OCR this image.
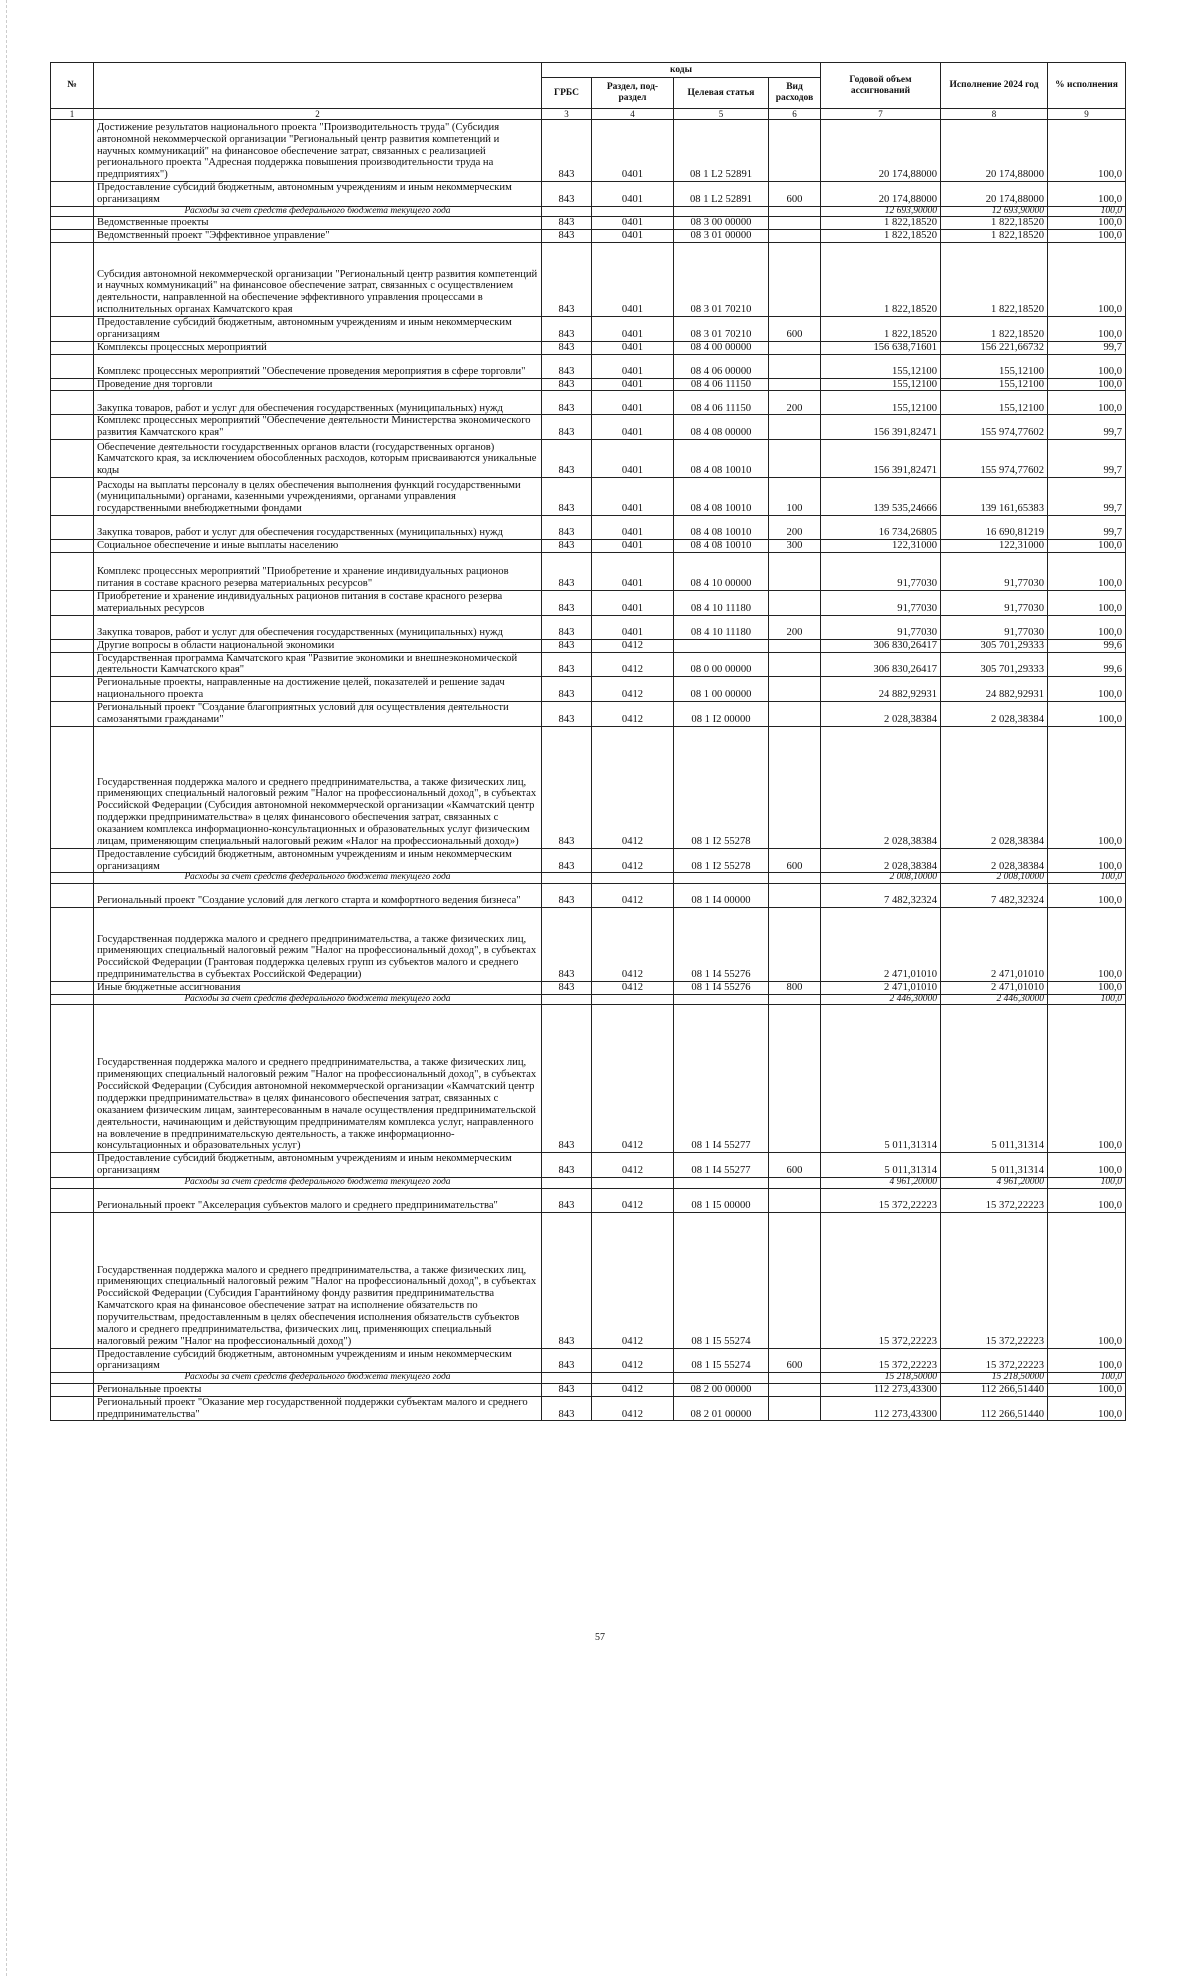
№		коды				Годовой объем ассигнований	Исполнение 2024 год	% исполнения
		ГРБС	Раздел, под-раздел	Целевая статья	Вид расходов			
1	2	3	4	5	6	7	8	9
	Достижение результатов национального проекта "Производительность труда" (Субсидия автономной некоммерческой организации "Региональный центр развития компетенций и научных коммуникаций" на финансовое обеспечение затрат, связанных с реализацией регионального проекта "Адресная поддержка повышения производительности труда на предприятиях")	843	0401	08 1 L2 52891		20 174,88000	20 174,88000	100,0
	Предоставление субсидий бюджетным, автономным учреждениям и иным некоммерческим организациям	843	0401	08 1 L2 52891	600	20 174,88000	20 174,88000	100,0
	Расходы за счет средств федерального бюджета текущего года					12 693,90000	12 693,90000	100,0
	Ведомственные проекты	843	0401	08 3 00 00000		1 822,18520	1 822,18520	100,0
	Ведомственный проект "Эффективное управление"	843	0401	08 3 01 00000		1 822,18520	1 822,18520	100,0
	Субсидия автономной некоммерческой организации "Региональный центр развития компетенций и научных коммуникаций" на финансовое обеспечение затрат, связанных с осуществлением деятельности, направленной на обеспечение эффективного управления процессами в исполнительных органах Камчатского края	843	0401	08 3 01 70210		1 822,18520	1 822,18520	100,0
	Предоставление субсидий бюджетным, автономным учреждениям и иным некоммерческим организациям	843	0401	08 3 01 70210	600	1 822,18520	1 822,18520	100,0
	Комплексы процессных мероприятий	843	0401	08 4 00 00000		156 638,71601	156 221,66732	99,7
	Комплекс процессных мероприятий "Обеспечение проведения мероприятия в сфере торговли"	843	0401	08 4 06 00000		155,12100	155,12100	100,0
	Проведение дня торговли	843	0401	08 4 06 11150		155,12100	155,12100	100,0
	Закупка товаров, работ и услуг для обеспечения государственных (муниципальных) нужд	843	0401	08 4 06 11150	200	155,12100	155,12100	100,0
	Комплекс процессных мероприятий "Обеспечение деятельности Министерства экономического развития Камчатского края"	843	0401	08 4 08 00000		156 391,82471	155 974,77602	99,7
	Обеспечение деятельности государственных органов власти (государственных органов) Камчатского края, за исключением обособленных расходов, которым присваиваются уникальные коды	843	0401	08 4 08 10010		156 391,82471	155 974,77602	99,7
	Расходы на выплаты персоналу в целях обеспечения выполнения функций государственными (муниципальными) органами, казенными учреждениями, органами управления государственными внебюджетными фондами	843	0401	08 4 08 10010	100	139 535,24666	139 161,65383	99,7
	Закупка товаров, работ и услуг для обеспечения государственных (муниципальных) нужд	843	0401	08 4 08 10010	200	16 734,26805	16 690,81219	99,7
	Социальное обеспечение и иные выплаты населению	843	0401	08 4 08 10010	300	122,31000	122,31000	100,0
	Комплекс процессных мероприятий "Приобретение и хранение индивидуальных рационов питания в составе красного резерва материальных ресурсов"	843	0401	08 4 10 00000		91,77030	91,77030	100,0
	Приобретение и хранение индивидуальных рационов питания в составе красного резерва материальных ресурсов	843	0401	08 4 10 11180		91,77030	91,77030	100,0
	Закупка товаров, работ и услуг для обеспечения государственных (муниципальных) нужд	843	0401	08 4 10 11180	200	91,77030	91,77030	100,0
	Другие вопросы в области национальной экономики	843	0412			306 830,26417	305 701,29333	99,6
	Государственная программа Камчатского края "Развитие экономики и внешнеэкономической деятельности Камчатского края"	843	0412	08 0 00 00000		306 830,26417	305 701,29333	99,6
	Региональные проекты, направленные на достижение целей, показателей и решение задач национального проекта	843	0412	08 1 00 00000		24 882,92931	24 882,92931	100,0
	Региональный проект "Создание благоприятных условий для осуществления деятельности самозанятыми гражданами"	843	0412	08 1 I2 00000		2 028,38384	2 028,38384	100,0
	Государственная поддержка малого и среднего предпринимательства, а также физических лиц, применяющих специальный налоговый режим "Налог на профессиональный доход", в субъектах Российской Федерации (Субсидия автономной некоммерческой организации «Камчатский центр поддержки предпринимательства» в целях финансового обеспечения затрат, связанных с оказанием комплекса информационно-консультационных и образовательных услуг физическим лицам, применяющим специальный налоговый режим «Налог на профессиональный доход»)	843	0412	08 1 I2 55278		2 028,38384	2 028,38384	100,0
	Предоставление субсидий бюджетным, автономным учреждениям и иным некоммерческим организациям	843	0412	08 1 I2 55278	600	2 028,38384	2 028,38384	100,0
	Расходы за счет средств федерального бюджета текущего года					2 008,10000	2 008,10000	100,0
	Региональный проект "Создание условий для легкого старта и комфортного ведения бизнеса"	843	0412	08 1 I4 00000		7 482,32324	7 482,32324	100,0
	Государственная поддержка малого и среднего предпринимательства, а также физических лиц, применяющих специальный налоговый режим "Налог на профессиональный доход", в субъектах Российской Федерации (Грантовая поддержка целевых групп из субъектов малого и среднего предпринимательства в субъектах Российской Федерации)	843	0412	08 1 I4 55276		2 471,01010	2 471,01010	100,0
	Иные бюджетные ассигнования	843	0412	08 1 I4 55276	800	2 471,01010	2 471,01010	100,0
	Расходы за счет средств федерального бюджета текущего года					2 446,30000	2 446,30000	100,0
	Государственная поддержка малого и среднего предпринимательства, а также физических лиц, применяющих специальный налоговый режим "Налог на профессиональный доход", в субъектах Российской Федерации (Субсидия автономной некоммерческой организации «Камчатский центр поддержки предпринимательства» в целях финансового обеспечения затрат, связанных с оказанием физическим лицам, заинтересованным в начале осуществления предпринимательской деятельности, начинающим и действующим предпринимателям комплекса услуг, направленного на вовлечение в предпринимательскую деятельность, а также информационно-консультационных и образовательных услуг)	843	0412	08 1 I4 55277		5 011,31314	5 011,31314	100,0
	Предоставление субсидий бюджетным, автономным учреждениям и иным некоммерческим организациям	843	0412	08 1 I4 55277	600	5 011,31314	5 011,31314	100,0
	Расходы за счет средств федерального бюджета текущего года					4 961,20000	4 961,20000	100,0
	Региональный проект "Акселерация субъектов малого и среднего предпринимательства"	843	0412	08 1 I5 00000		15 372,22223	15 372,22223	100,0
	Государственная поддержка малого и среднего предпринимательства, а также физических лиц, применяющих специальный налоговый режим "Налог на профессиональный доход", в субъектах Российской Федерации (Субсидия Гарантийному фонду развития предпринимательства Камчатского края на финансовое обеспечение затрат на исполнение обязательств по поручительствам, предоставленным в целях обеспечения исполнения обязательств субъектов малого и среднего предпринимательства, физических лиц, применяющих специальный налоговый режим "Налог на профессиональный доход")	843	0412	08 1 I5 55274		15 372,22223	15 372,22223	100,0
	Предоставление субсидий бюджетным, автономным учреждениям и иным некоммерческим организациям	843	0412	08 1 I5 55274	600	15 372,22223	15 372,22223	100,0
	Расходы за счет средств федерального бюджета текущего года					15 218,50000	15 218,50000	100,0
	Региональные проекты	843	0412	08 2 00 00000		112 273,43300	112 266,51440	100,0
	Региональный проект "Оказание мер государственной поддержки субъектам малого и среднего предпринимательства"	843	0412	08 2 01 00000		112 273,43300	112 266,51440	100,0
57
